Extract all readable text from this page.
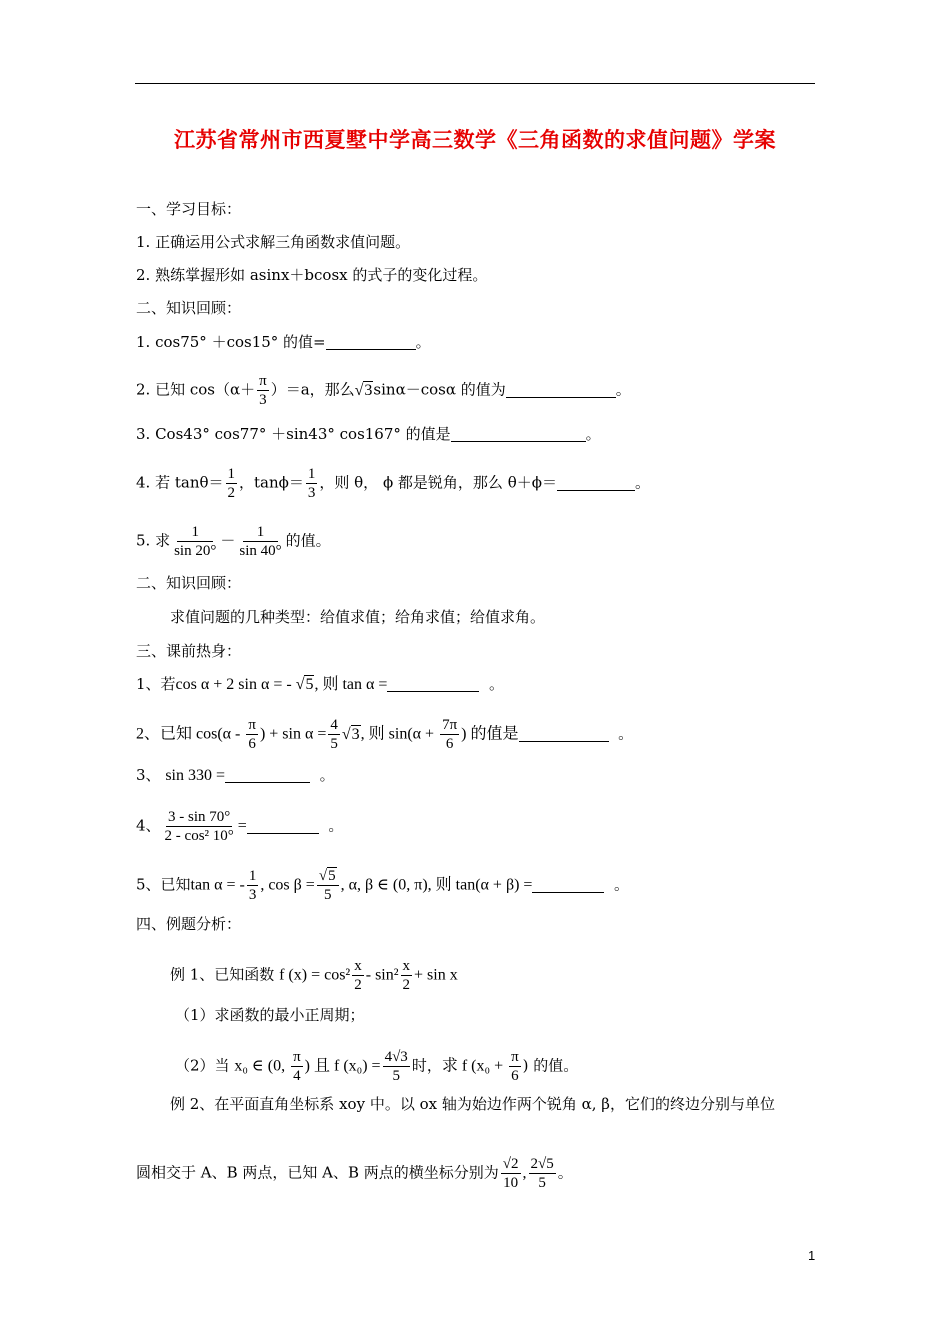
江苏省常州市西夏墅中学高三数学《三角函数的求值问题》学案
一、学习目标：
1. 正确运用公式求解三角函数求值问题。
2. 熟练掌握形如 asinx＋bcosx 的式子的变化过程。
二、知识回顾：
1. cos75° ＋cos15° 的值=	。
2. 已知 $\cos(\alpha+ \frac{\pi}{3} )=a$，那么√3sinα－cosα 的值为	。
3. Cos43° cos77° ＋sin43° cos167° 的值是	。
4. 若 $\tan\theta= \frac{1}{2}$ ，$\tan\phi= \frac{1}{3}$ ，则 θ， ϕ 都是锐角，那么 θ＋ϕ＝	。
5. 求 $\frac{1}{\sin 20^\circ} - \frac{1}{\sin 40^\circ}$ 的值。
二、知识回顾：
求值问题的几种类型：给值求值；给角求值；给值求角。
三、课前热身：
1、若cos α + 2 sin α = - √5, 则 tan α =	。
2、已知 $\cos(\alpha - \frac{\pi}{6}$ ) + $\sin \alpha = \frac{4}{5} √3$, 则 $\sin(\alpha + \frac{7\pi}{6}$ ) 的值是	。
3、 sin 330 =	。
4、 $\frac{3 - \sin 70^\circ}{\text{2 - cos² 10°}}$ =	。
5、已知tan α = - $\frac{1}{3}$ , $\cos \beta = \frac{√5}{5}$ , α, β ∈ (0, π), 则 tan(α + β) =	。
四、例题分析：
例 1、已知函数 f $(x) = \cos^2 \frac{x}{2} - \sin^2 \frac{x}{2} + \sin x$
（1）求函数的最小正周期；
（2）当 x₀ ∈ (0, $\frac{\pi}{4}$ ) 且 f $(x_0) = \frac{4√3}{5}$ 时，求 f ($x_0 + \frac{\pi}{6}$ ) 的值。
例 2、在平面直角坐标系 xoy 中。以 ox 轴为始边作两个锐角 α, β，它们的终边分别与单位
圆相交于 A、B 两点，已知 A、B 两点的横坐标分别为 $\frac{√2}{10}$ , $\frac{2√5}{5}$ 。
1
